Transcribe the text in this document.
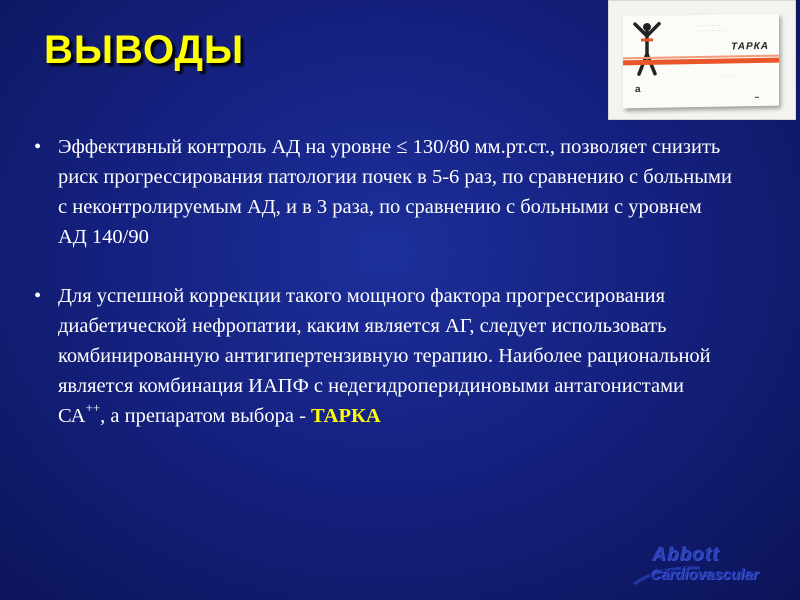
ВЫВОДЫ
• Эффективный контроль АД на уровне ≤ 130/80 мм.рт.ст., позволяет снизить риск прогрессирования патологии почек в 5-6 раз, по сравнению с больными с неконтролируемым АД, и в 3 раза, по сравнению с больными с уровнем АД 140/90
• Для успешной коррекции такого мощного фактора прогрессирования диабетической нефропатии, каким является АГ, следует использовать комбинированную антигипертензивную терапию. Наиболее рациональной является комбинация ИАПФ с недегидроперидиновыми антагонистами СА++, а препаратом выбора - ТАРКА
· · · · · · · · · ·
· · · · · · · · · · · ·
ТАРКА
· · · · · · · ·
a
▬
Abbott
Cardiovascular
